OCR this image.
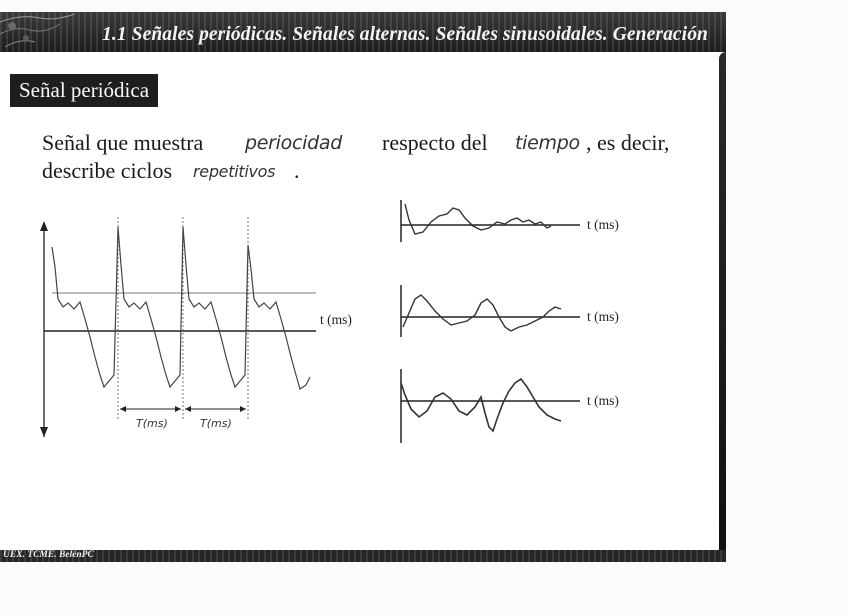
1.1 Señales periódicas. Señales alternas. Señales sinusoidales. Generación
Señal periódica
Señal que muestra periocidad respecto del tiempo , es decir,
describe ciclos repetitivos .
t (ms)
T(ms)	T(ms)
t (ms)
t (ms)
t (ms)
UEX. TCME. BelénPC
